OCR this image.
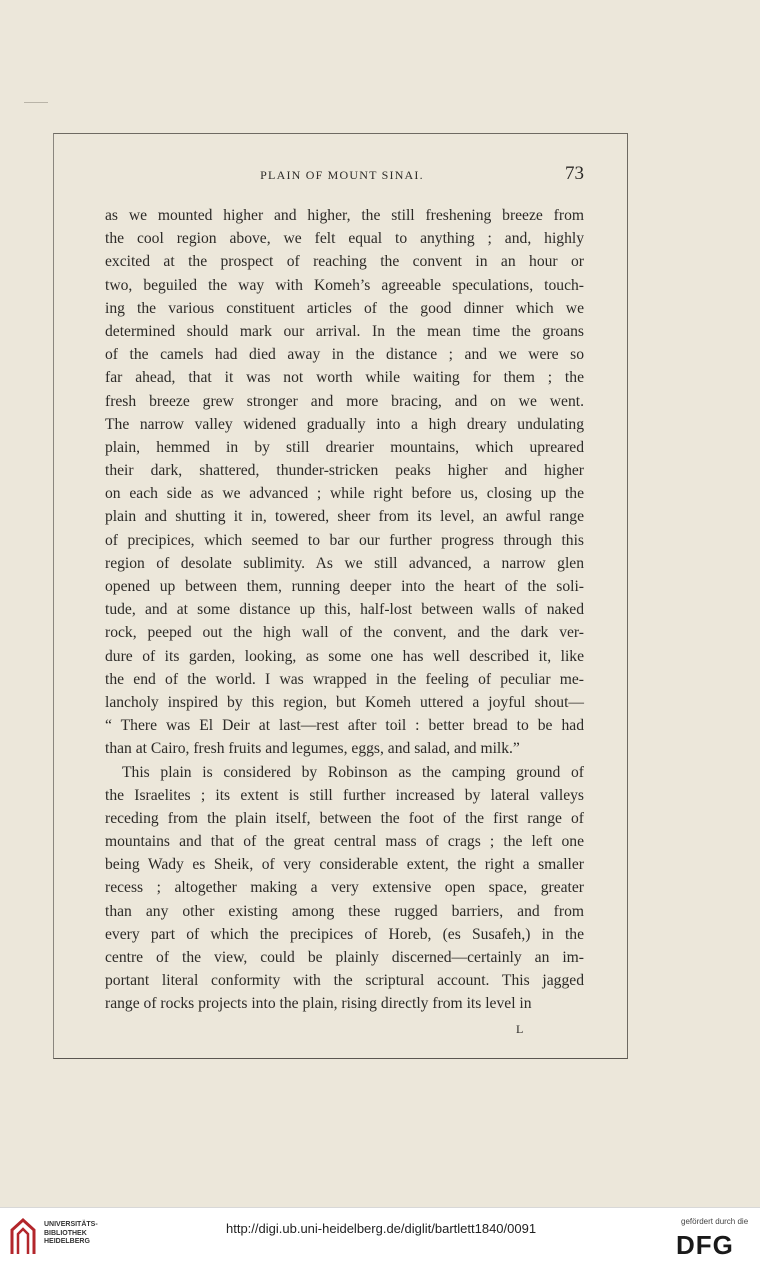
PLAIN OF MOUNT SINAI.	73
as we mounted higher and higher, the still freshening breeze from
the cool region above, we felt equal to anything ; and, highly
excited at the prospect of reaching the convent in an hour or
two, beguiled the way with Komeh’s agreeable speculations, touch-
ing the various constituent articles of the good dinner which we
determined should mark our arrival. In the mean time the groans
of the camels had died away in the distance ; and we were so
far ahead, that it was not worth while waiting for them ; the
fresh breeze grew stronger and more bracing, and on we went.
The narrow valley widened gradually into a high dreary undulating
plain, hemmed in by still drearier mountains, which upreared
their dark, shattered, thunder-stricken peaks higher and higher
on each side as we advanced ; while right before us, closing up the
plain and shutting it in, towered, sheer from its level, an awful range
of precipices, which seemed to bar our further progress through this
region of desolate sublimity. As we still advanced, a narrow glen
opened up between them, running deeper into the heart of the soli-
tude, and at some distance up this, half-lost between walls of naked
rock, peeped out the high wall of the convent, and the dark ver-
dure of its garden, looking, as some one has well described it, like
the end of the world. I was wrapped in the feeling of peculiar me-
lancholy inspired by this region, but Komeh uttered a joyful shout—
“ There was El Deir at last—rest after toil : better bread to be had
than at Cairo, fresh fruits and legumes, eggs, and salad, and milk.”
This plain is considered by Robinson as the camping ground of
the Israelites ; its extent is still further increased by lateral valleys
receding from the plain itself, between the foot of the first range of
mountains and that of the great central mass of crags ; the left one
being Wady es Sheik, of very considerable extent, the right a smaller
recess ; altogether making a very extensive open space, greater
than any other existing among these rugged barriers, and from
every part of which the precipices of Horeb, (es Susafeh,) in the
centre of the view, could be plainly discerned—certainly an im-
portant literal conformity with the scriptural account. This jagged
range of rocks projects into the plain, rising directly from its level in
L
UNIVERSITÄTS-
BIBLIOTHEK
HEIDELBERG
http://digi.ub.uni-heidelberg.de/diglit/bartlett1840/0091	gefördert durch die
DFG
